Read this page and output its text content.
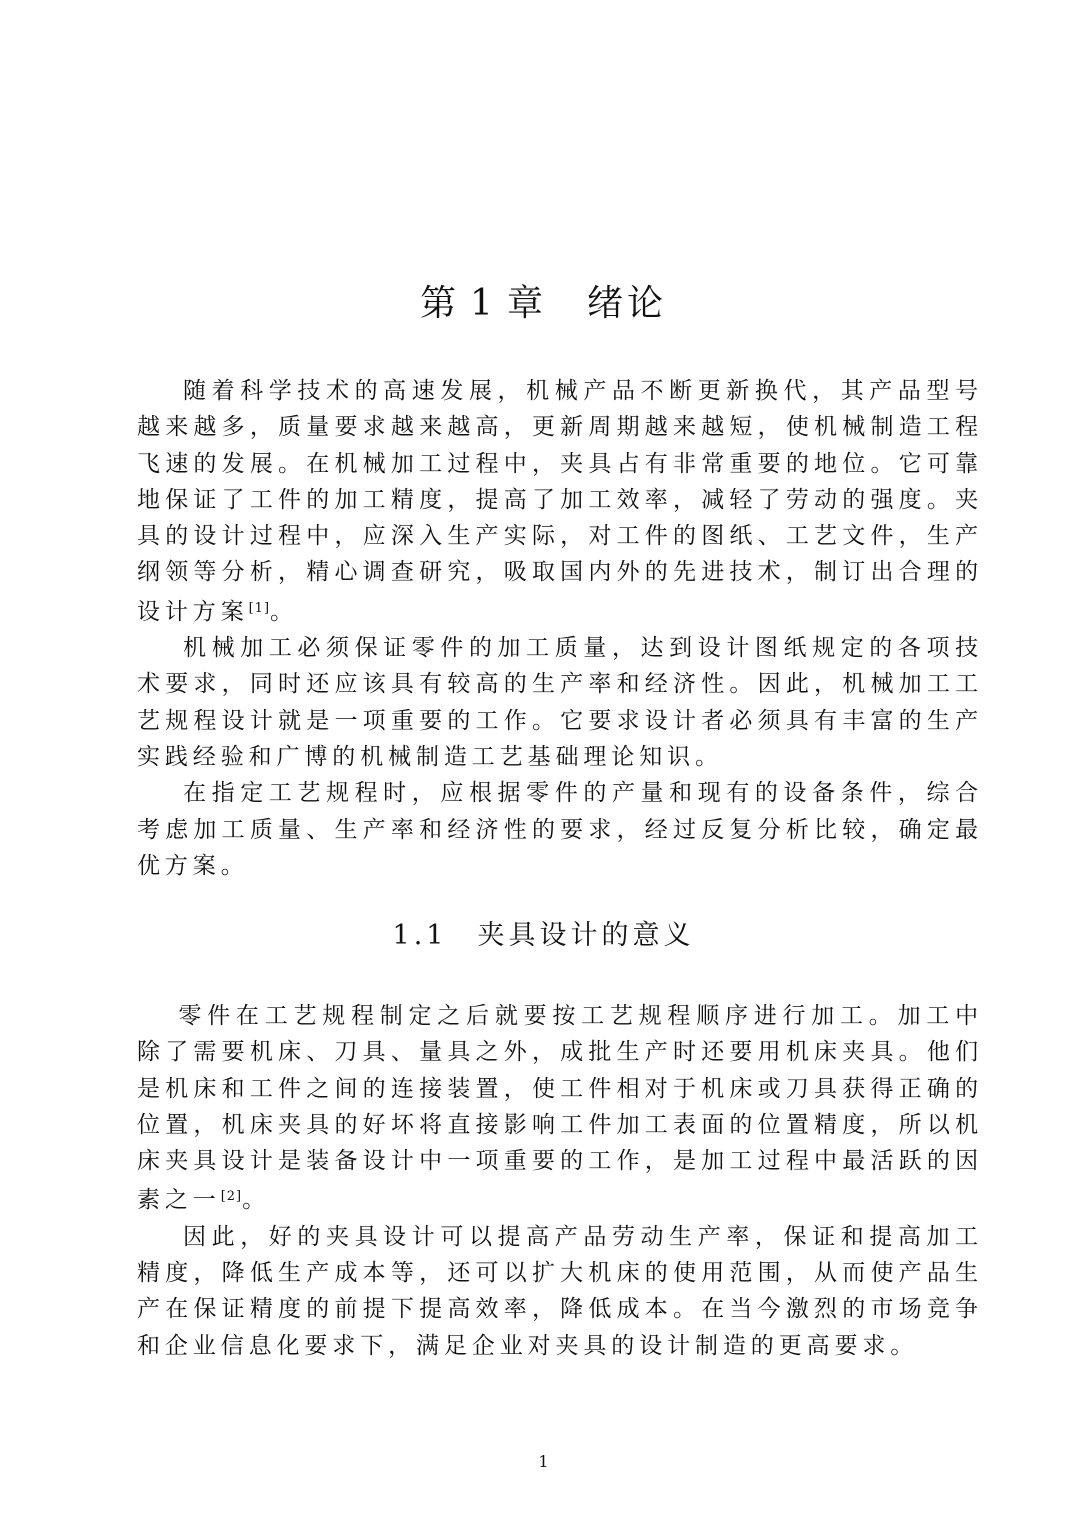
第 1 章 绪论

随着科学技术的高速发展，机械产品不断更新换代，其产品型号越来越多，质量要求越来越高，更新周期越来越短，使机械制造工程飞速的发展。在机械加工过程中，夹具占有非常重要的地位。它可靠地保证了工件的加工精度，提高了加工效率，减轻了劳动的强度。夹具的设计过程中，应深入生产实际，对工件的图纸、工艺文件，生产纲领等分析，精心调查研究，吸取国内外的先进技术，制订出合理的设计方案[1]。

机械加工必须保证零件的加工质量，达到设计图纸规定的各项技术要求，同时还应该具有较高的生产率和经济性。因此，机械加工工艺规程设计就是一项重要的工作。它要求设计者必须具有丰富的生产实践经验和广博的机械制造工艺基础理论知识。

在指定工艺规程时，应根据零件的产量和现有的设备条件，综合考虑加工质量、生产率和经济性的要求，经过反复分析比较，确定最优方案。

1.1 夹具设计的意义

零件在工艺规程制定之后就要按工艺规程顺序进行加工。加工中除了需要机床、刀具、量具之外，成批生产时还要用机床夹具。他们是机床和工件之间的连接装置，使工件相对于机床或刀具获得正确的位置，机床夹具的好坏将直接影响工件加工表面的位置精度，所以机床夹具设计是装备设计中一项重要的工作，是加工过程中最活跃的因素之一[2]。

因此，好的夹具设计可以提高产品劳动生产率，保证和提高加工精度，降低生产成本等，还可以扩大机床的使用范围，从而使产品生产在保证精度的前提下提高效率，降低成本。在当今激烈的市场竞争和企业信息化要求下，满足企业对夹具的设计制造的更高要求。

1
